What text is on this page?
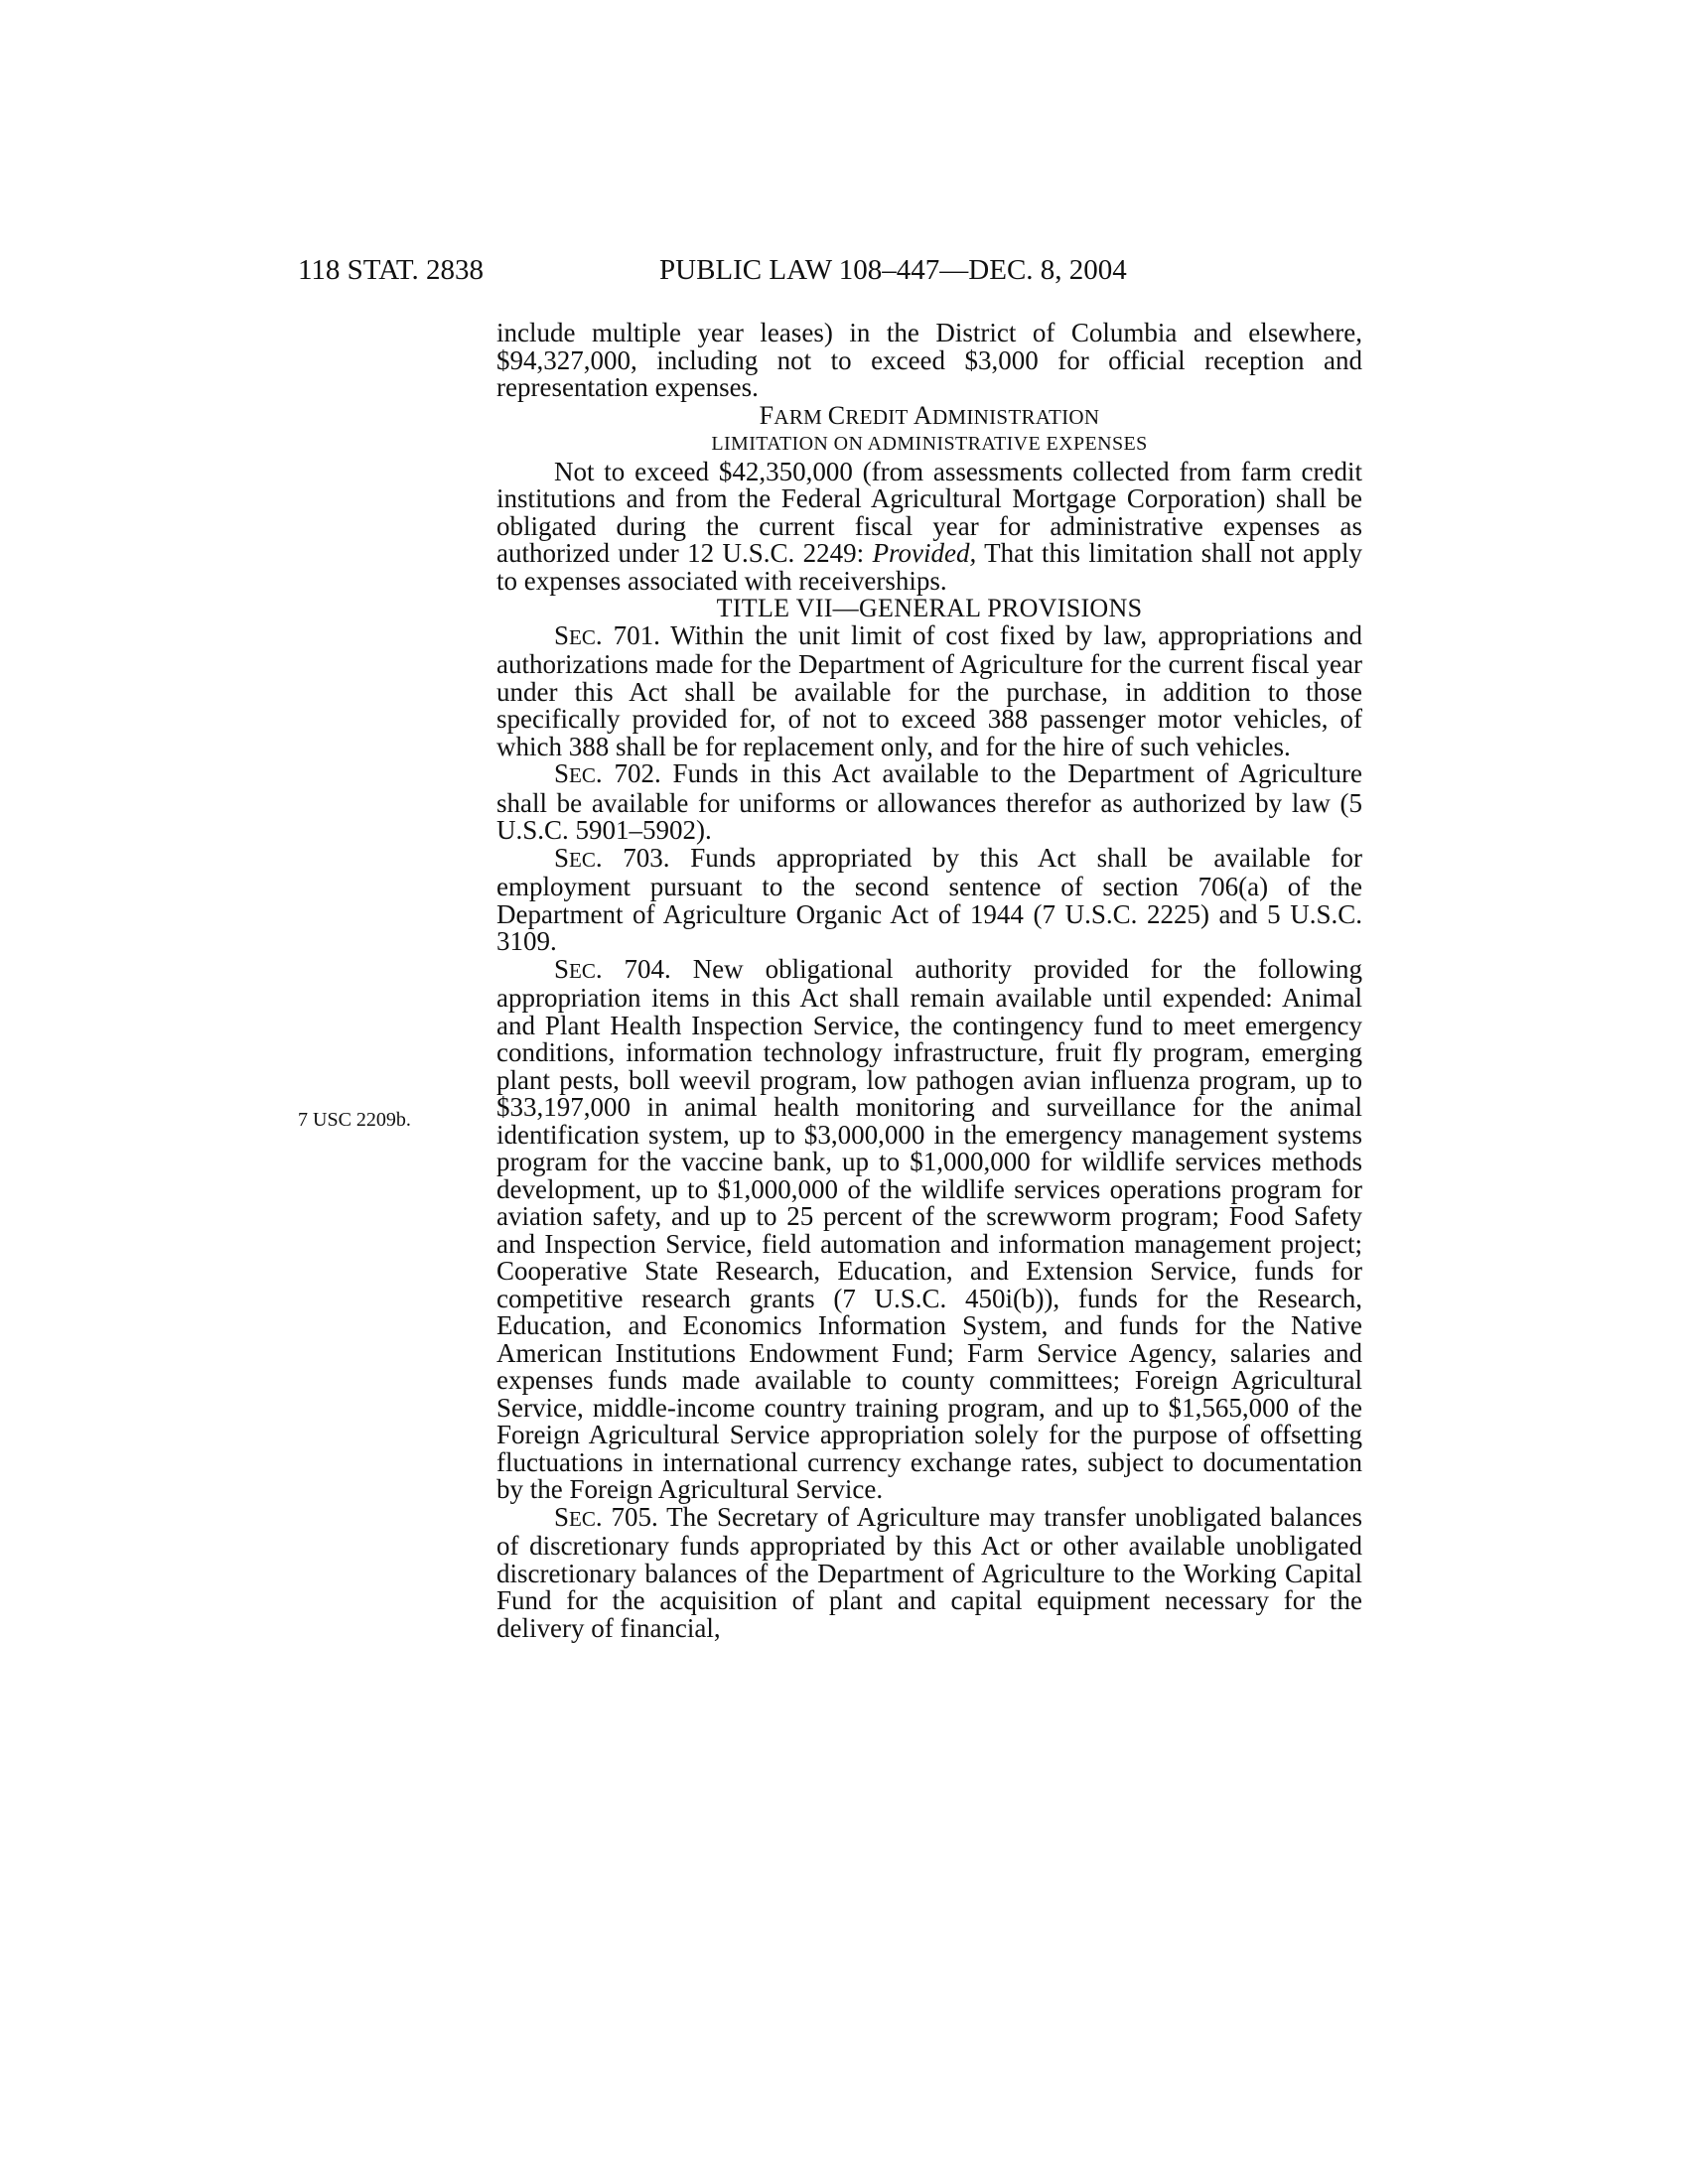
118 STAT. 2838	PUBLIC LAW 108–447—DEC. 8, 2004
7 USC 2209b.

include multiple year leases) in the District of Columbia and elsewhere, $94,327,000, including not to exceed $3,000 for official reception and representation expenses.

FARM CREDIT ADMINISTRATION

LIMITATION ON ADMINISTRATIVE EXPENSES

Not to exceed $42,350,000 (from assessments collected from farm credit institutions and from the Federal Agricultural Mortgage Corporation) shall be obligated during the current fiscal year for administrative expenses as authorized under 12 U.S.C. 2249: Provided, That this limitation shall not apply to expenses associated with receiverships.

TITLE VII—GENERAL PROVISIONS

SEC. 701. Within the unit limit of cost fixed by law, appropriations and authorizations made for the Department of Agriculture for the current fiscal year under this Act shall be available for the purchase, in addition to those specifically provided for, of not to exceed 388 passenger motor vehicles, of which 388 shall be for replacement only, and for the hire of such vehicles.

SEC. 702. Funds in this Act available to the Department of Agriculture shall be available for uniforms or allowances therefor as authorized by law (5 U.S.C. 5901–5902).

SEC. 703. Funds appropriated by this Act shall be available for employment pursuant to the second sentence of section 706(a) of the Department of Agriculture Organic Act of 1944 (7 U.S.C. 2225) and 5 U.S.C. 3109.

SEC. 704. New obligational authority provided for the following appropriation items in this Act shall remain available until expended: Animal and Plant Health Inspection Service, the contingency fund to meet emergency conditions, information technology infrastructure, fruit fly program, emerging plant pests, boll weevil program, low pathogen avian influenza program, up to $33,197,000 in animal health monitoring and surveillance for the animal identification system, up to $3,000,000 in the emergency management systems program for the vaccine bank, up to $1,000,000 for wildlife services methods development, up to $1,000,000 of the wildlife services operations program for aviation safety, and up to 25 percent of the screwworm program; Food Safety and Inspection Service, field automation and information management project; Cooperative State Research, Education, and Extension Service, funds for competitive research grants (7 U.S.C. 450i(b)), funds for the Research, Education, and Economics Information System, and funds for the Native American Institutions Endowment Fund; Farm Service Agency, salaries and expenses funds made available to county committees; Foreign Agricultural Service, middle-income country training program, and up to $1,565,000 of the Foreign Agricultural Service appropriation solely for the purpose of offsetting fluctuations in international currency exchange rates, subject to documentation by the Foreign Agricultural Service.

SEC. 705. The Secretary of Agriculture may transfer unobligated balances of discretionary funds appropriated by this Act or other available unobligated discretionary balances of the Department of Agriculture to the Working Capital Fund for the acquisition of plant and capital equipment necessary for the delivery of financial,
